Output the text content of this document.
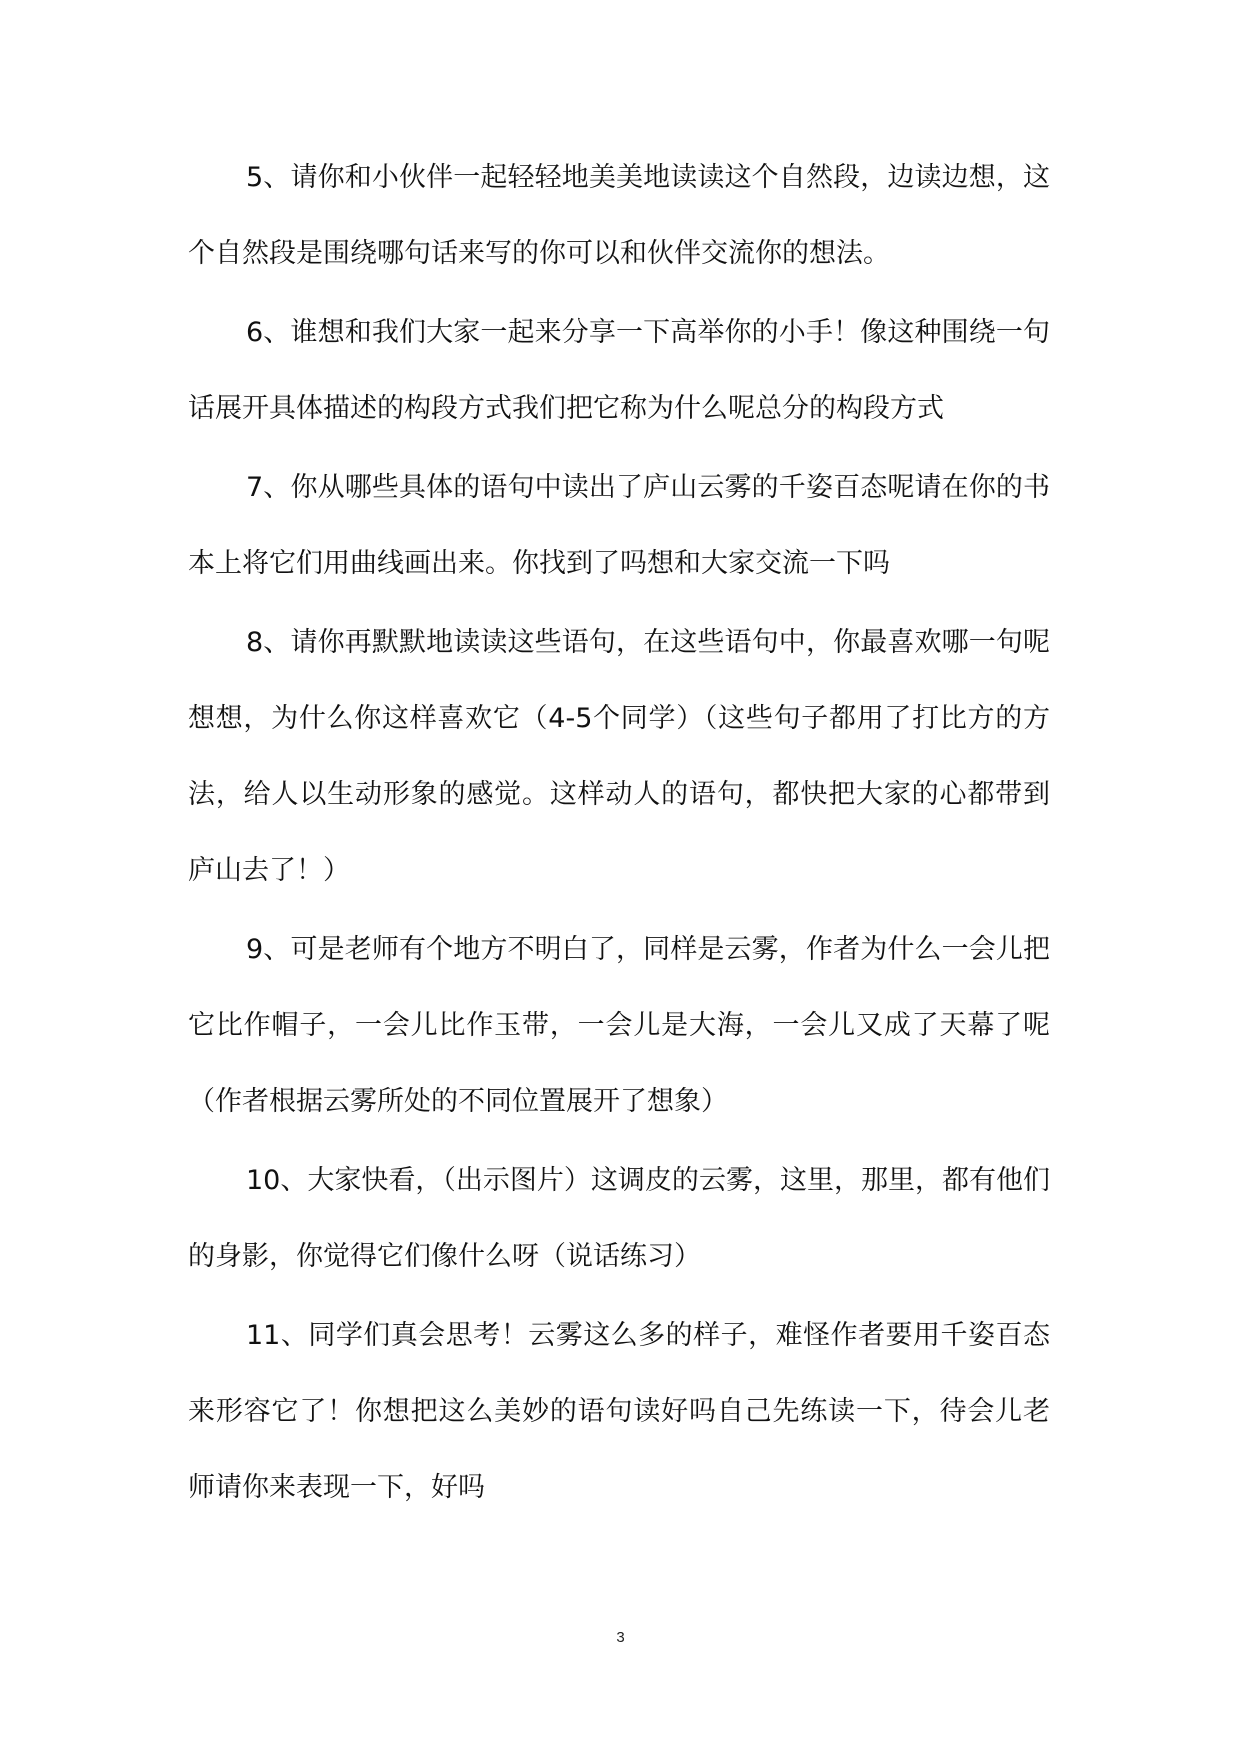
5、请你和小伙伴一起轻轻地美美地读读这个自然段，边读边想，这个自然段是围绕哪句话来写的你可以和伙伴交流你的想法。

6、谁想和我们大家一起来分享一下高举你的小手！像这种围绕一句话展开具体描述的构段方式我们把它称为什么呢总分的构段方式

7、你从哪些具体的语句中读出了庐山云雾的千姿百态呢请在你的书本上将它们用曲线画出来。你找到了吗想和大家交流一下吗

8、请你再默默地读读这些语句，在这些语句中，你最喜欢哪一句呢想想，为什么你这样喜欢它（4-5个同学）（这些句子都用了打比方的方法，给人以生动形象的感觉。这样动人的语句，都快把大家的心都带到庐山去了！）

9、可是老师有个地方不明白了，同样是云雾，作者为什么一会儿把它比作帽子，一会儿比作玉带，一会儿是大海，一会儿又成了天幕了呢（作者根据云雾所处的不同位置展开了想象）

10、大家快看，（出示图片）这调皮的云雾，这里，那里，都有他们的身影，你觉得它们像什么呀（说话练习）

11、同学们真会思考！云雾这么多的样子，难怪作者要用千姿百态来形容它了！你想把这么美妙的语句读好吗自己先练读一下，待会儿老师请你来表现一下，好吗

3
